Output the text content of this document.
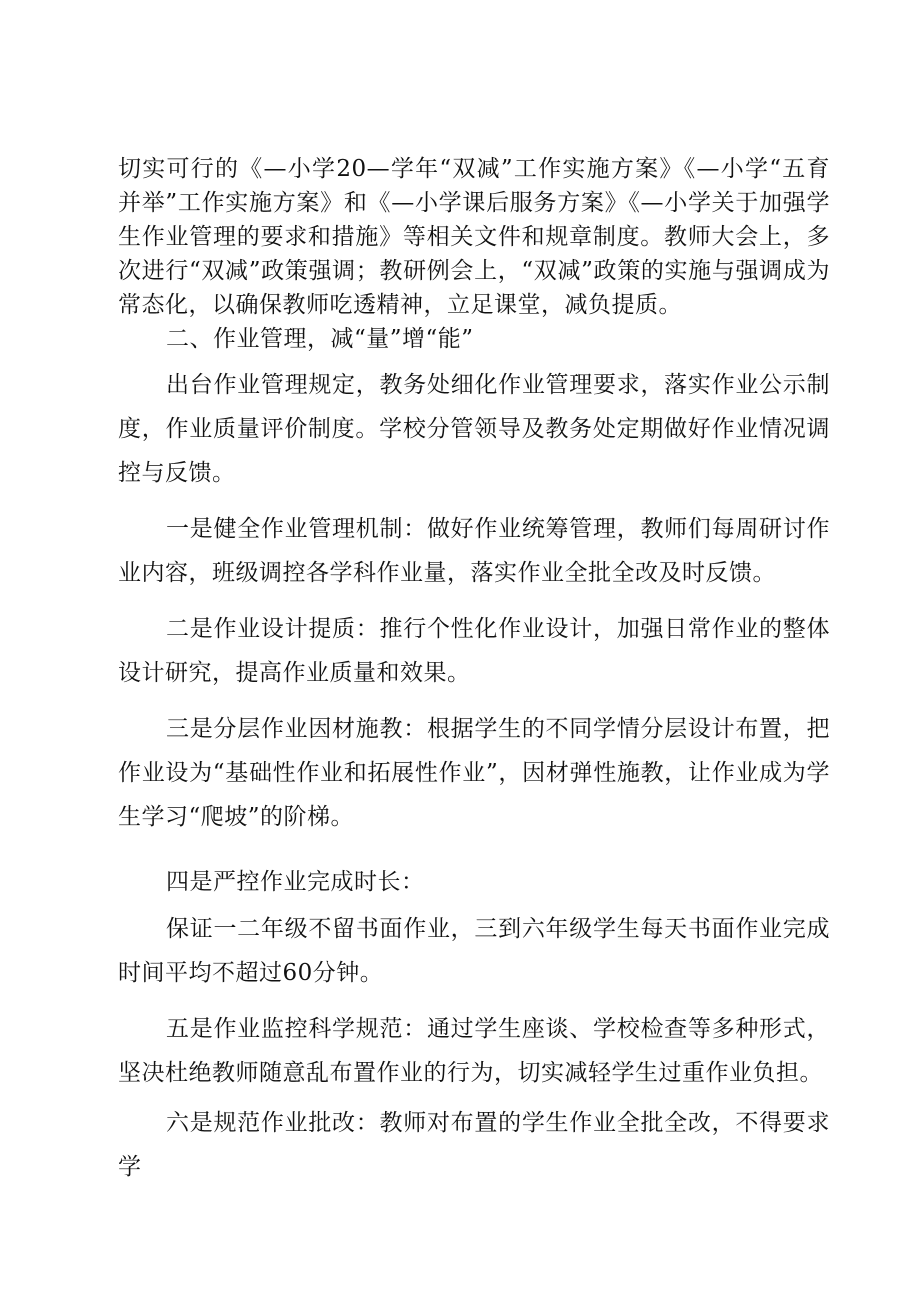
切实可行的《—小学20—学年“双减”工作实施方案》《—小学“五育并举”工作实施方案》和《—小学课后服务方案》《—小学关于加强学生作业管理的要求和措施》等相关文件和规章制度。教师大会上，多次进行“双减”政策强调；教研例会上，“双减”政策的实施与强调成为常态化，以确保教师吃透精神，立足课堂，减负提质。

二、作业管理，减“量”增“能”

出台作业管理规定，教务处细化作业管理要求，落实作业公示制度，作业质量评价制度。学校分管领导及教务处定期做好作业情况调控与反馈。

一是健全作业管理机制：做好作业统筹管理，教师们每周研讨作业内容，班级调控各学科作业量，落实作业全批全改及时反馈。

二是作业设计提质：推行个性化作业设计，加强日常作业的整体设计研究，提高作业质量和效果。

三是分层作业因材施教：根据学生的不同学情分层设计布置，把作业设为“基础性作业和拓展性作业”，因材弹性施教，让作业成为学生学习“爬坡”的阶梯。

四是严控作业完成时长：

保证一二年级不留书面作业，三到六年级学生每天书面作业完成时间平均不超过60分钟。

五是作业监控科学规范：通过学生座谈、学校检查等多种形式，坚决杜绝教师随意乱布置作业的行为，切实减轻学生过重作业负担。

六是规范作业批改：教师对布置的学生作业全批全改，不得要求学
